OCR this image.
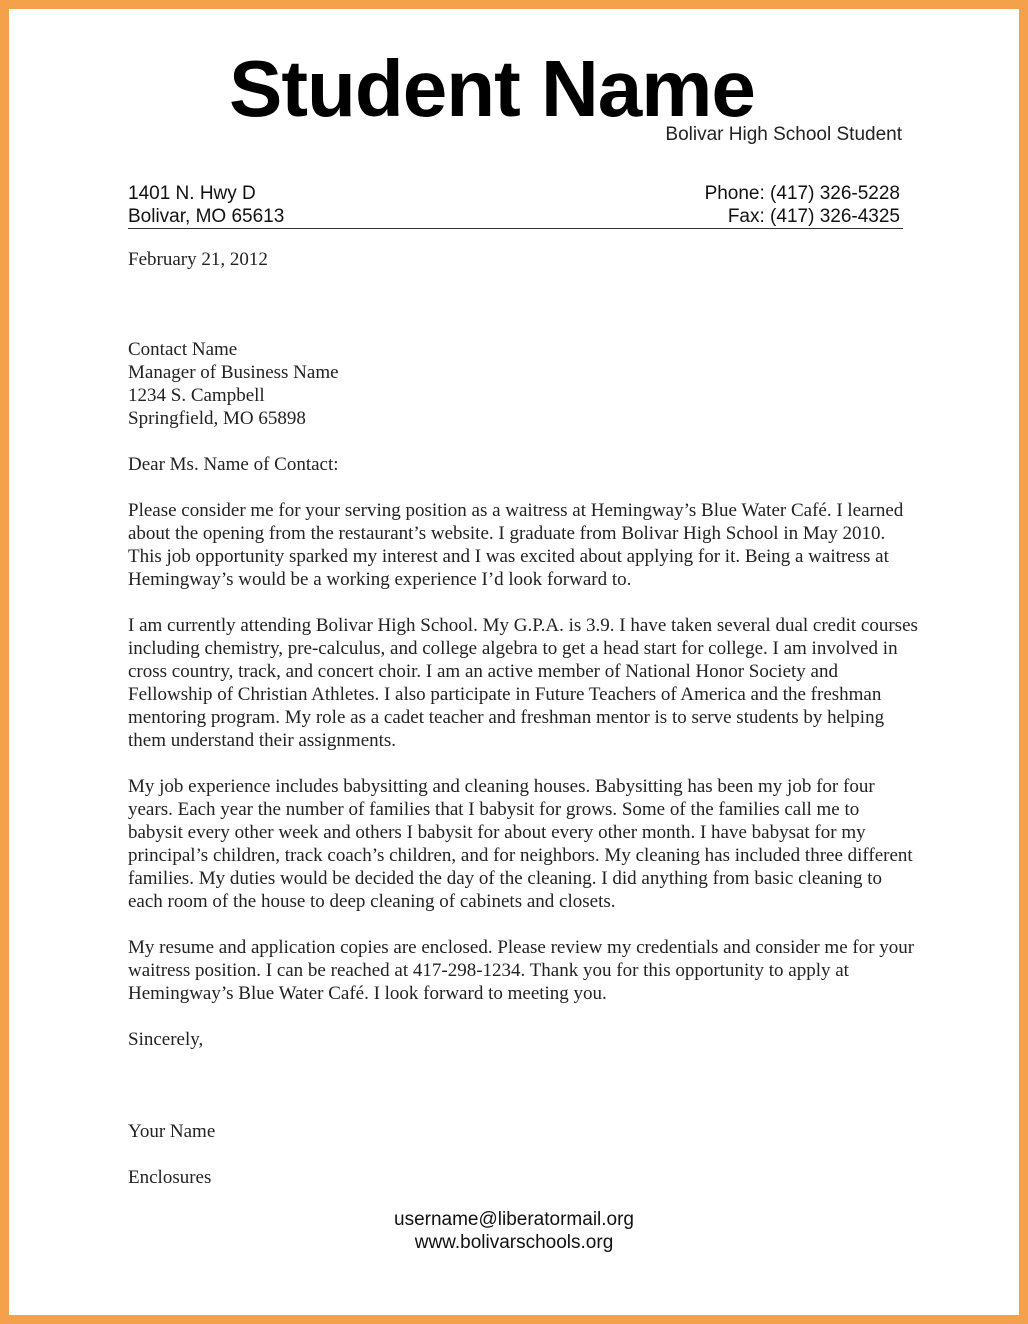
Student Name
Bolivar High School Student
1401 N. Hwy D
Bolivar, MO 65613
Phone: (417) 326-5228
Fax: (417) 326-4325

February 21, 2012

Contact Name

Manager of Business Name

1234 S. Campbell

Springfield, MO 65898

Dear Ms. Name of Contact:

Please consider me for your serving position as a waitress at Hemingway’s Blue Water Café. I learned about the opening from the restaurant’s website. I graduate from Bolivar High School in May 2010. This job opportunity sparked my interest and I was excited about applying for it. Being a waitress at Hemingway’s would be a working experience I’d look forward to.

I am currently attending Bolivar High School. My G.P.A. is 3.9. I have taken several dual credit courses including chemistry, pre-calculus, and college algebra to get a head start for college. I am involved in cross country, track, and concert choir. I am an active member of National Honor Society and Fellowship of Christian Athletes. I also participate in Future Teachers of America and the freshman mentoring program. My role as a cadet teacher and freshman mentor is to serve students by helping them understand their assignments.

My job experience includes babysitting and cleaning houses. Babysitting has been my job for four years. Each year the number of families that I babysit for grows. Some of the families call me to babysit every other week and others I babysit for about every other month. I have babysat for my principal’s children, track coach’s children, and for neighbors. My cleaning has included three different families. My duties would be decided the day of the cleaning. I did anything from basic cleaning to each room of the house to deep cleaning of cabinets and closets.

My resume and application copies are enclosed. Please review my credentials and consider me for your waitress position. I can be reached at 417-298-1234. Thank you for this opportunity to apply at Hemingway’s Blue Water Café. I look forward to meeting you.

Sincerely,

Your Name

Enclosures

username@liberatormail.org
www.bolivarschools.org
